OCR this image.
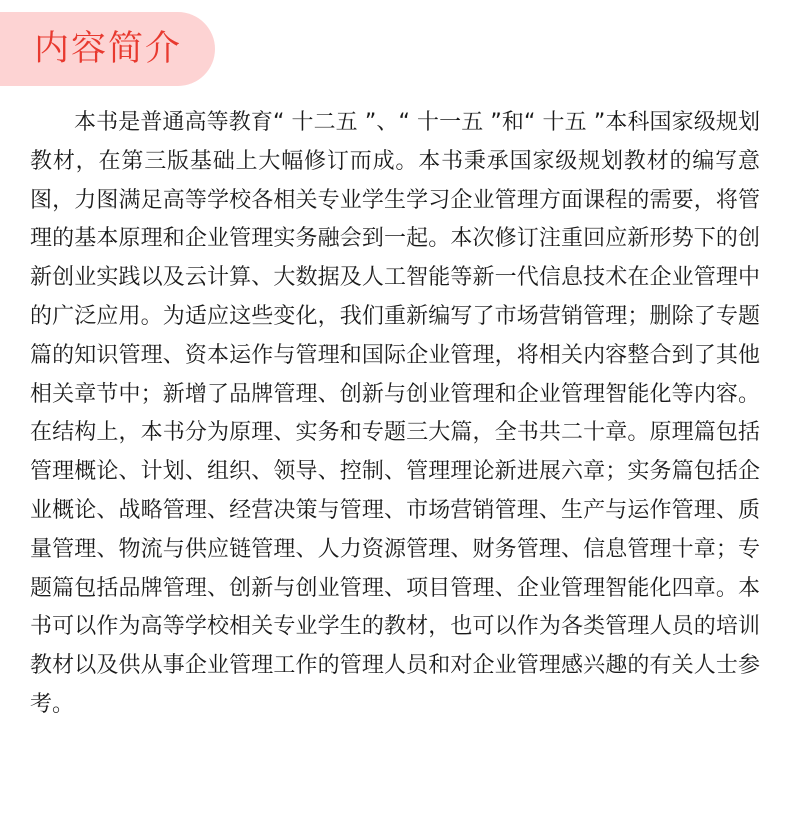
内容简介

本书是普通高等教育“ 十二五 ”、“ 十一五 ”和“ 十五 ”本科国家级规划教材，在第三版基础上大幅修订而成。本书秉承国家级规划教材的编写意图，力图满足高等学校各相关专业学生学习企业管理方面课程的需要，将管理的基本原理和企业管理实务融会到一起。本次修订注重回应新形势下的创新创业实践以及云计算、大数据及人工智能等新一代信息技术在企业管理中的广泛应用。为适应这些变化，我们重新编写了市场营销管理；删除了专题篇的知识管理、资本运作与管理和国际企业管理，将相关内容整合到了其他相关章节中；新增了品牌管理、创新与创业管理和企业管理智能化等内容。在结构上，本书分为原理、实务和专题三大篇，全书共二十章。原理篇包括管理概论、计划、组织、领导、控制、管理理论新进展六章；实务篇包括企业概论、战略管理、经营决策与管理、市场营销管理、生产与运作管理、质量管理、物流与供应链管理、人力资源管理、财务管理、信息管理十章；专题篇包括品牌管理、创新与创业管理、项目管理、企业管理智能化四章。本书可以作为高等学校相关专业学生的教材，也可以作为各类管理人员的培训教材以及供从事企业管理工作的管理人员和对企业管理感兴趣的有关人士参考。
